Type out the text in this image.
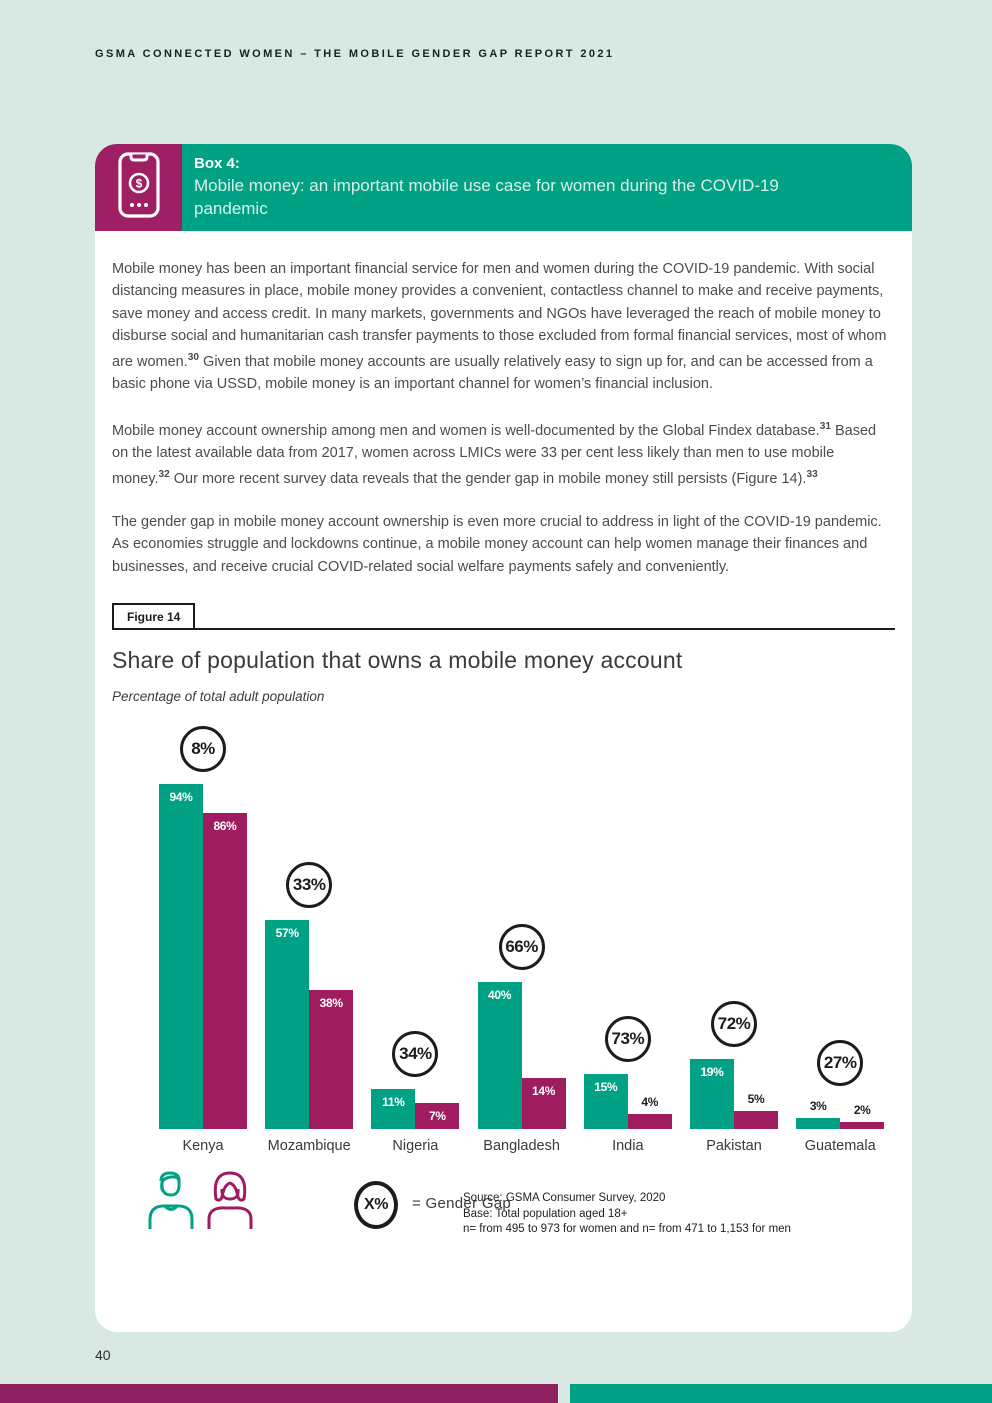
GSMA CONNECTED WOMEN – THE MOBILE GENDER GAP REPORT 2021
$
Box 4:
Mobile money: an important mobile use case for women during the COVID-19 pandemic

Mobile money has been an important financial service for men and women during the COVID-19 pandemic. With social distancing measures in place, mobile money provides a convenient, contactless channel to make and receive payments, save money and access credit. In many markets, governments and NGOs have leveraged the reach of mobile money to disburse social and humanitarian cash transfer payments to those excluded from formal financial services, most of whom are women.$^{30}$ Given that mobile money accounts are usually relatively easy to sign up for, and can be accessed from a basic phone via USSD, mobile money is an important channel for women’s financial inclusion.

Mobile money account ownership among men and women is well-documented by the Global Findex database.$^{31}$ Based on the latest available data from 2017, women across LMICs were 33 per cent less likely than men to use mobile money.$^{32}$ Our more recent survey data reveals that the gender gap in mobile money still persists (Figure 14).$^{33}$

The gender gap in mobile money account ownership is even more crucial to address in light of the COVID-19 pandemic. As economies struggle and lockdowns continue, a mobile money account can help women manage their finances and businesses, and receive crucial COVID-related social welfare payments safely and conveniently.

Figure 14
Share of population that owns a mobile money account
Percentage of total adult population
94%
86%
8%
Kenya
57%
38%
33%
Mozambique
11%
7%
34%
Nigeria
40%
14%
66%
Bangladesh
15%
4%
73%
India
19%
5%
72%
Pakistan
3%	2%
27%
Guatemala
X%	= Gender Gap
Source: GSMA Consumer Survey, 2020
Base: Total population aged 18+
n= from 495 to 973 for women and n= from 471 to 1,153 for men
40
